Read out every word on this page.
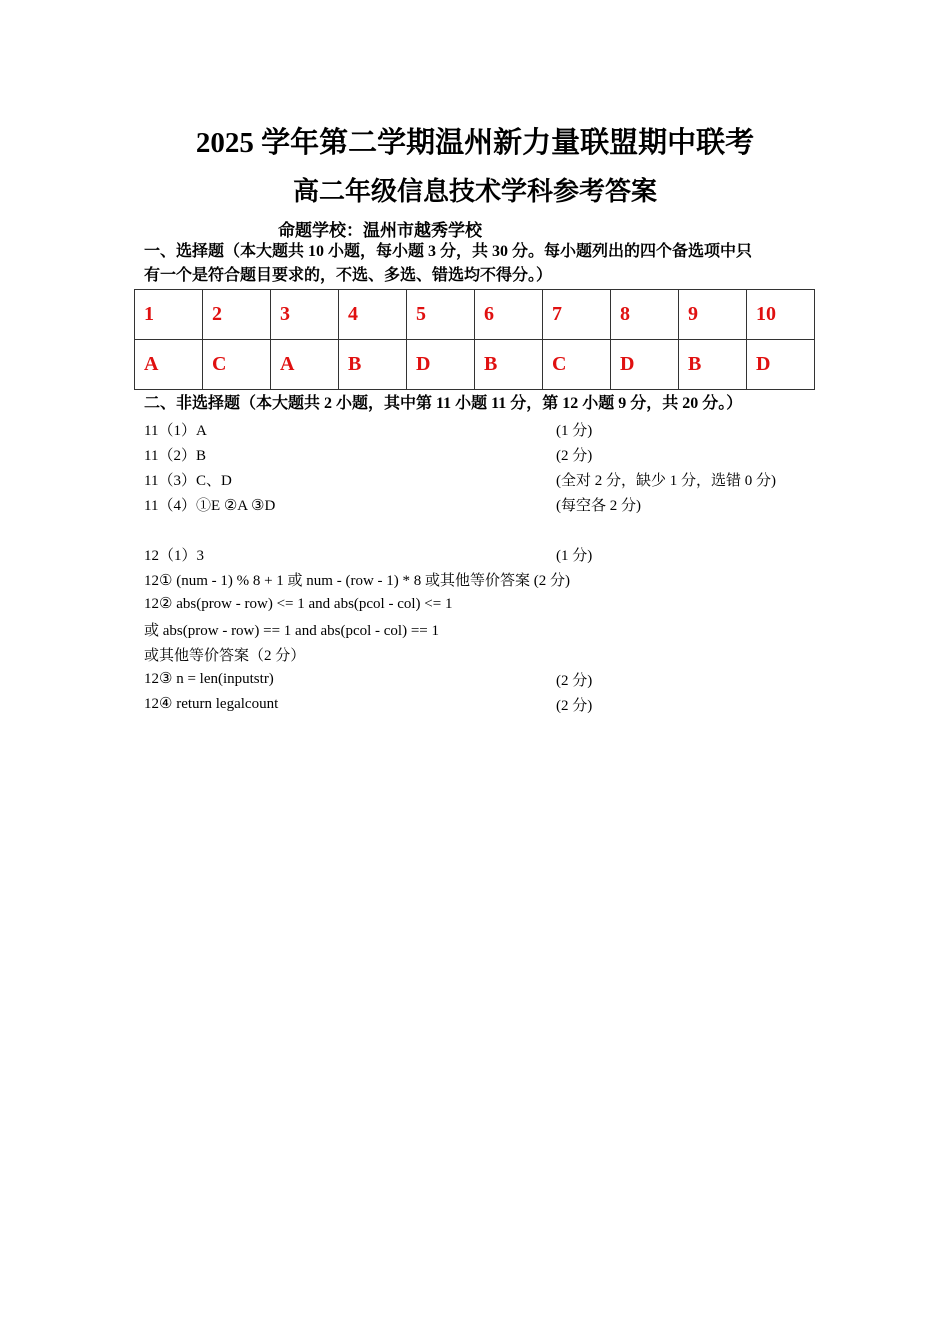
2025 学年第二学期温州新力量联盟期中联考
高二年级信息技术学科参考答案
命题学校：温州市越秀学校
一、选择题（本大题共 10 小题，每小题 3 分，共 30 分。每小题列出的四个备选项中只
有一个是符合题目要求的，不选、多选、错选均不得分。）
1	2	3	4	5	6	7	8	9	10
A	C	A	B	D	B	C	D	B	D
二、非选择题（本大题共 2 小题，其中第 11 小题 11 分，第 12 小题 9 分，共 20 分。）
11（1）A	(1 分)
11（2）B	(2 分)
11（3）C、D	(全对 2 分，缺少 1 分，选错 0 分)
11（4）①E ②A ③D	(每空各 2 分)
12（1）3	(1 分)
12① (num - 1) % 8 + 1 或 num - (row - 1) * 8 或其他等价答案 (2 分)
12② abs(prow - row) <= 1 and abs(pcol - col) <= 1
或 abs(prow - row) == 1 and abs(pcol - col) == 1
或其他等价答案（2 分）
12③ n = len(inputstr)	(2 分)
12④ return legalcount	(2 分)
